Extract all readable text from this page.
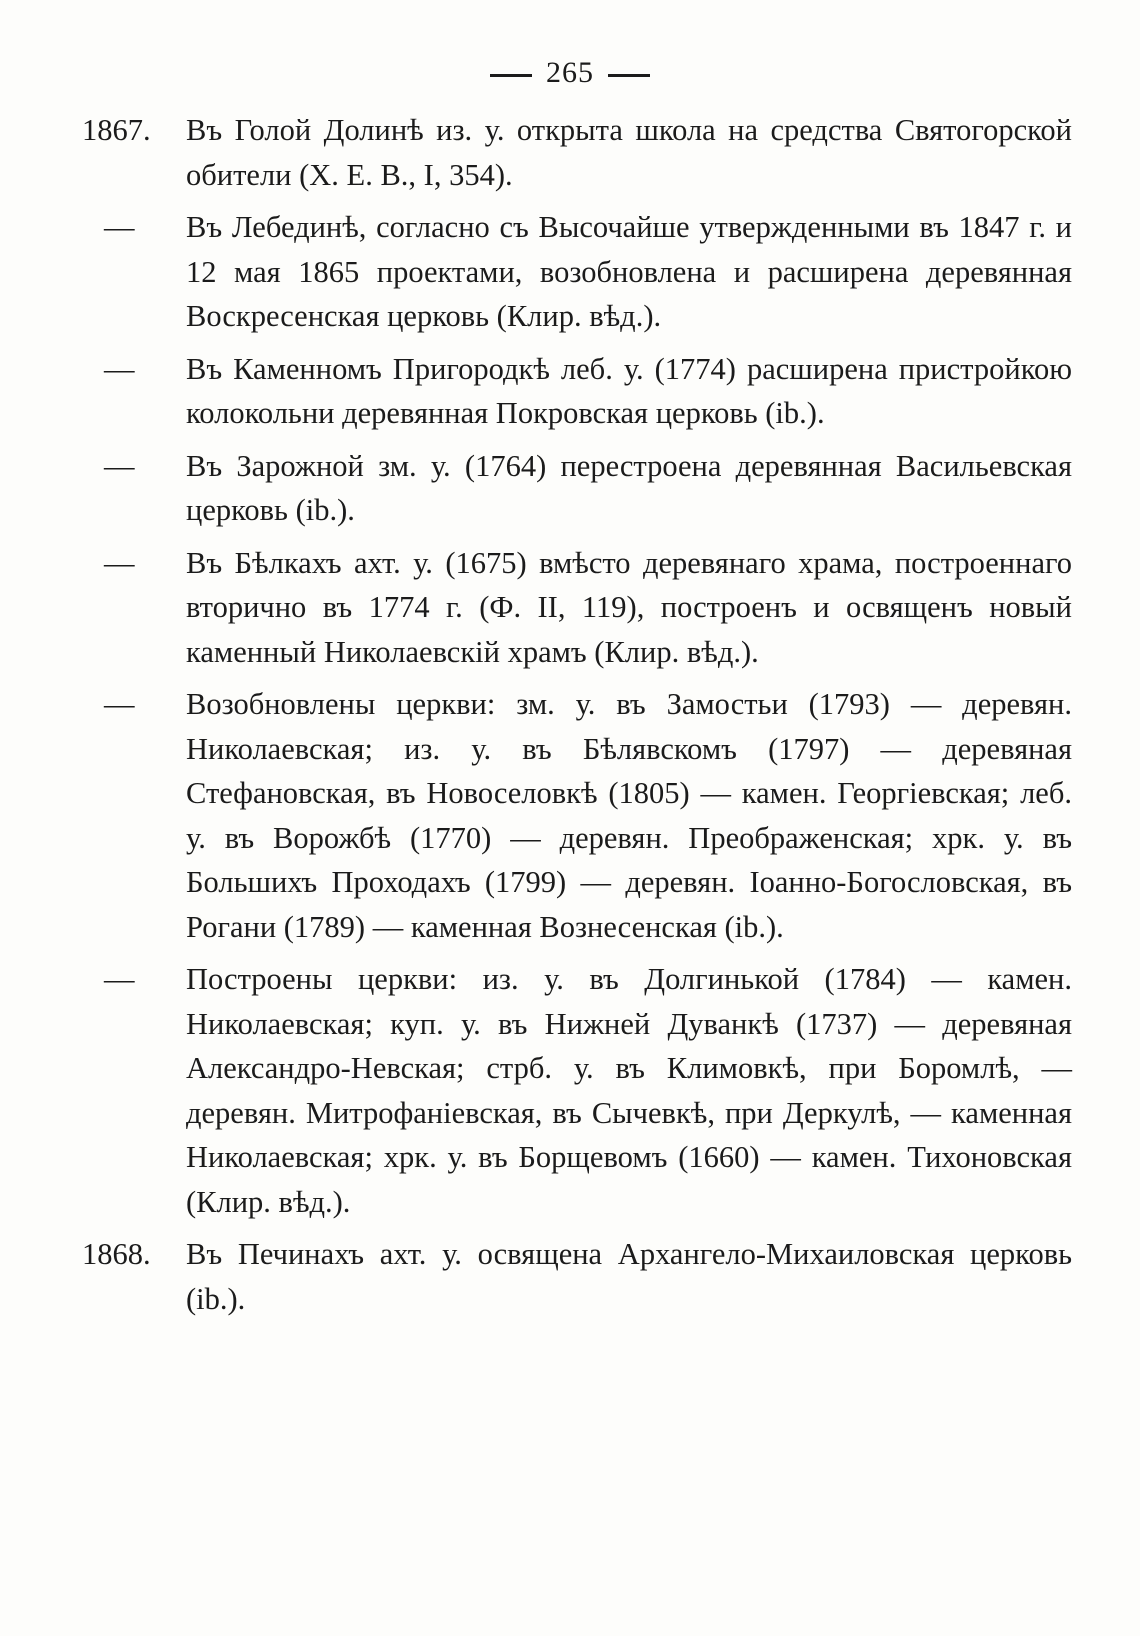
265
1867.	Въ Голой Долинѣ из. у. открыта школа на средства Святогорской обители (Х. Е. В., I, 354).
—	Въ Лебединѣ, согласно съ Высочайше утвержденными въ 1847 г. и 12 мая 1865 проектами, возобновлена и расширена деревянная Воскресенская церковь (Клир. вѣд.).
—	Въ Каменномъ Пригородкѣ леб. у. (1774) расширена пристройкою колокольни деревянная Покровская церковь (ib.).
—	Въ Зарожной зм. у. (1764) перестроена деревянная Васильевская церковь (ib.).
—	Въ Бѣлкахъ ахт. у. (1675) вмѣсто деревянаго храма, построеннаго вторично въ 1774 г. (Ф. II, 119), построенъ и освященъ новый каменный Николаевскій храмъ (Клир. вѣд.).
—	Возобновлены церкви: зм. у. въ Замостьи (1793) — деревян. Николаевская; из. у. въ Бѣлявскомъ (1797) — деревяная Стефановская, въ Новоселовкѣ (1805) — камен. Георгіевская; леб. у. въ Ворожбѣ (1770) — деревян. Преображенская; хрк. у. въ Большихъ Проходахъ (1799) — деревян. Іоанно-Богословская, въ Рогани (1789) — каменная Вознесенская (ib.).
—	Построены церкви: из. у. въ Долгинькой (1784) — камен. Николаевская; куп. у. въ Нижней Дуванкѣ (1737) — деревяная Александро-Невская; стрб. у. въ Климовкѣ, при Боромлѣ, — деревян. Митрофаніевская, въ Сычевкѣ, при Деркулѣ, — каменная Николаевская; хрк. у. въ Борщевомъ (1660) — камен. Тихоновская (Клир. вѣд.).
1868.	Въ Печинахъ ахт. у. освящена Архангело-Михаиловская церковь (ib.).
